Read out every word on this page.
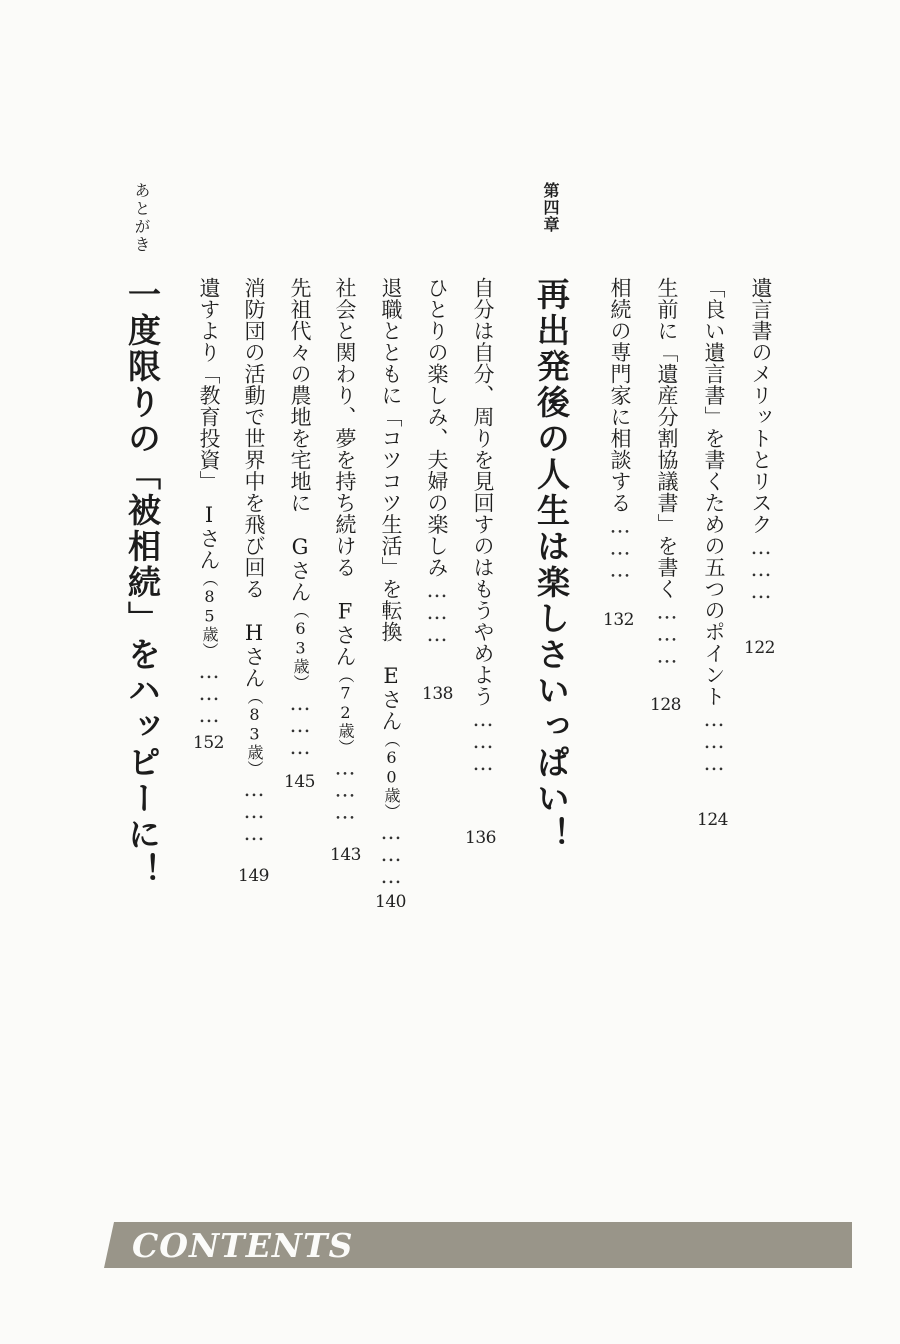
遺言書のメリットとリスク………
122
「良い遺言書」を書くための五つのポイント………
124
生前に「遺産分割協議書」を書く………
128
相続の専門家に相談する………
132
第四章
再出発後の人生は楽しさいっぱい！
自分は自分、周りを見回すのはもうやめよう………
136
ひとりの楽しみ、夫婦の楽しみ………
138
退職とともに「コツコツ生活」を転換　Eさん（60歳）………
140
社会と関わり、夢を持ち続ける　Fさん（72歳）………
143
先祖代々の農地を宅地に　Gさん（63歳）………
145
消防団の活動で世界中を飛び回る　Hさん（83歳）………
149
遺すより「教育投資」　Iさん（85歳）………
152
あとがき
一度限りの「被相続」をハッピーに！
CONTENTS
